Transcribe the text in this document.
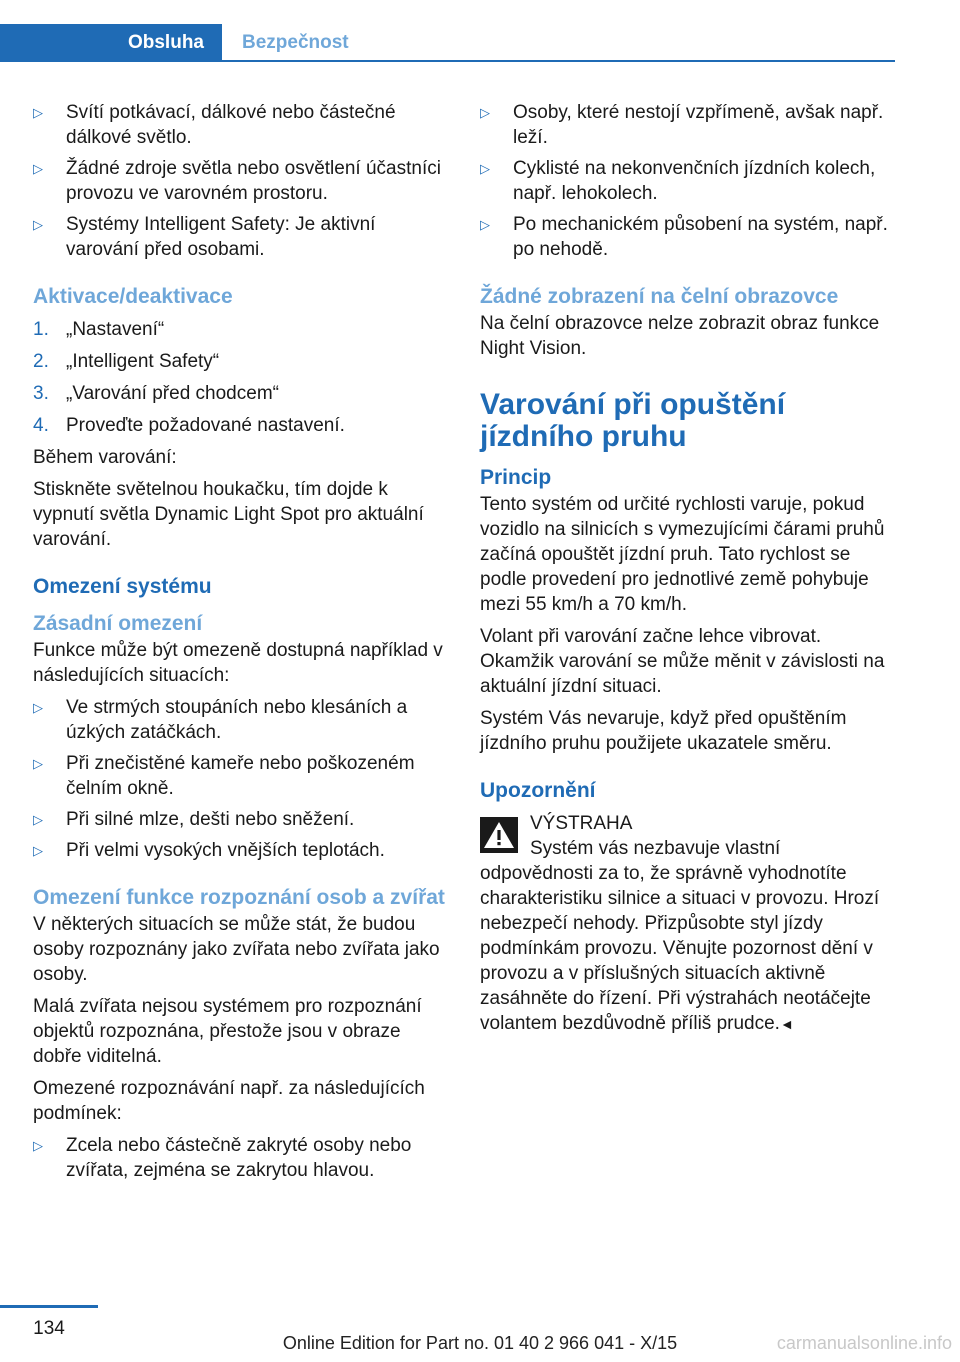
Obsluha Bezpečnost
▷ Svítí potkávací, dálkové nebo částečné dálkové světlo.
▷ Žádné zdroje světla nebo osvětlení účastníci provozu ve varovném prostoru.
▷ Systémy Intelligent Safety: Je aktivní varování před osobami.
Aktivace/deaktivace
1. „Nastavení“
2. „Intelligent Safety“
3. „Varování před chodcem“
4. Proveďte požadované nastavení.

Během varování:

Stiskněte světelnou houkačku, tím dojde k vypnutí světla Dynamic Light Spot pro aktuální varování.

Omezení systému
Zásadní omezení

Funkce může být omezeně dostupná například v následujících situacích:

▷ Ve strmých stoupáních nebo klesáních a úzkých zatáčkách.
▷ Při znečistěné kameře nebo poškozeném čelním okně.
▷ Při silné mlze, dešti nebo sněžení.
▷ Při velmi vysokých vnějších teplotách.
Omezení funkce rozpoznání osob a zvířat

V některých situacích se může stát, že budou osoby rozpoznány jako zvířata nebo zvířata jako osoby.

Malá zvířata nejsou systémem pro rozpoznání objektů rozpoznána, přestože jsou v obraze dobře viditelná.

Omezené rozpoznávání např. za následujících podmínek:

▷ Zcela nebo částečně zakryté osoby nebo zvířata, zejména se zakrytou hlavou.
▷ Osoby, které nestojí vzpřímeně, avšak např. leží.
▷ Cyklisté na nekonvenčních jízdních kolech, např. lehokolech.
▷ Po mechanickém působení na systém, např. po nehodě.
Žádné zobrazení na čelní obrazovce

Na čelní obrazovce nelze zobrazit obraz funkce Night Vision.

Varování při opuštění jízdního pruhu
Princip

Tento systém od určité rychlosti varuje, pokud vozidlo na silnicích s vymezujícími čárami pruhů začíná opouštět jízdní pruh. Tato rychlost se podle provedení pro jednotlivé země pohybuje mezi 55 km/h a 70 km/h.

Volant při varování začne lehce vibrovat. Okamžik varování se může měnit v závislosti na aktuální jízdní situaci.

Systém Vás nevaruje, když před opuštěním jízdního pruhu použijete ukazatele směru.

Upozornění

VÝSTRAHA

Systém vás nezbavuje vlastní odpovědnosti za to, že správně vyhodnotíte charakteristiku silnice a situaci v provozu. Hrozí nebezpečí nehody. Přizpůsobte styl jízdy podmínkám provozu. Věnujte pozornost dění v provozu a v příslušných situacích aktivně zasáhněte do řízení. Při výstrahách neotáčejte volantem bezdůvodně příliš prudce.◄

134
Online Edition for Part no. 01 40 2 966 041 - X/15	carmanualsonline.info
